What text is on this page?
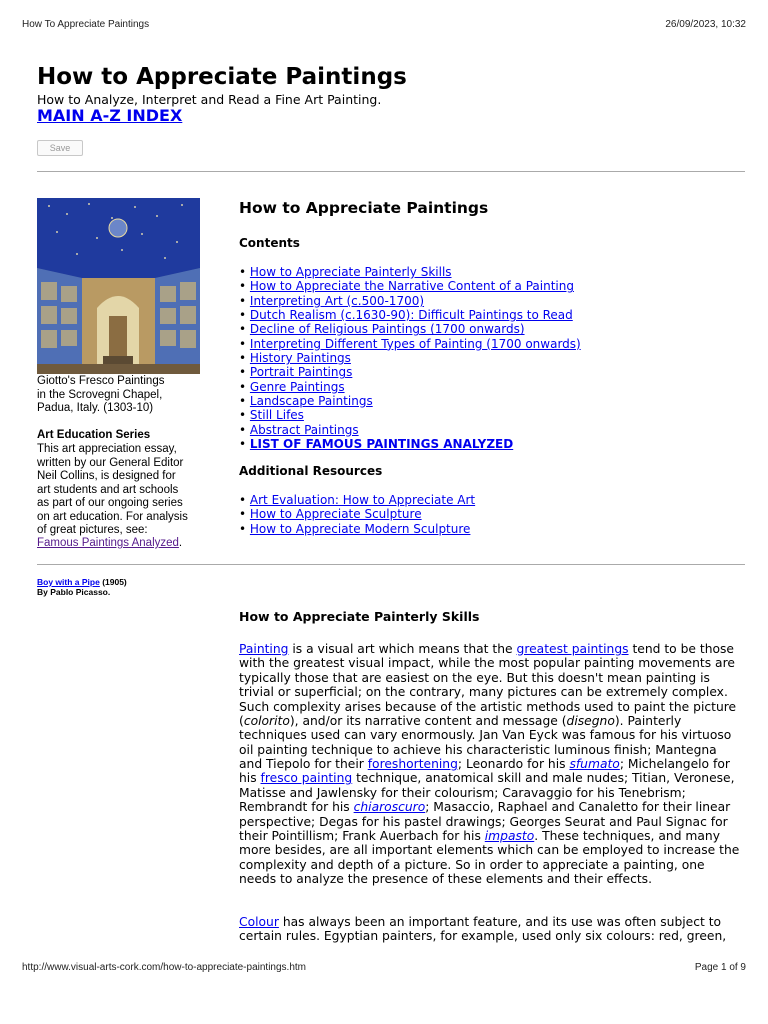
How To Appreciate Paintings	26/09/2023, 10:32
How to Appreciate Paintings
How to Analyze, Interpret and Read a Fine Art Painting.
MAIN A-Z INDEX
Save
Giotto's Fresco Paintings
in the Scrovegni Chapel,
Padua, Italy. (1303-10)
Art Education Series
This art appreciation essay,
written by our General Editor
Neil Collins, is designed for
art students and art schools
as part of our ongoing series
on art education. For analysis
of great pictures, see:
Famous Paintings Analyzed.
How to Appreciate Paintings
Contents
• How to Appreciate Painterly Skills
• How to Appreciate the Narrative Content of a Painting
• Interpreting Art (c.500-1700)
• Dutch Realism (c.1630-90): Difficult Paintings to Read
• Decline of Religious Paintings (1700 onwards)
• Interpreting Different Types of Painting (1700 onwards)
• History Paintings
• Portrait Paintings
• Genre Paintings
• Landscape Paintings
• Still Lifes
• Abstract Paintings
• LIST OF FAMOUS PAINTINGS ANALYZED
Additional Resources
• Art Evaluation: How to Appreciate Art
• How to Appreciate Sculpture
• How to Appreciate Modern Sculpture
Boy with a Pipe (1905)
By Pablo Picasso.
How to Appreciate Painterly Skills

Painting is a visual art which means that the greatest paintings tend to be those with the greatest visual impact, while the most popular painting movements are typically those that are easiest on the eye. But this doesn't mean painting is trivial or superficial; on the contrary, many pictures can be extremely complex. Such complexity arises because of the artistic methods used to paint the picture (colorito), and/or its narrative content and message (disegno). Painterly techniques used can vary enormously. Jan Van Eyck was famous for his virtuoso oil painting technique to achieve his characteristic luminous finish; Mantegna and Tiepolo for their foreshortening; Leonardo for his sfumato; Michelangelo for his fresco painting technique, anatomical skill and male nudes; Titian, Veronese, Matisse and Jawlensky for their colourism; Caravaggio for his Tenebrism; Rembrandt for his chiaroscuro; Masaccio, Raphael and Canaletto for their linear perspective; Degas for his pastel drawings; Georges Seurat and Paul Signac for their Pointillism; Frank Auerbach for his impasto. These techniques, and many more besides, are all important elements which can be employed to increase the complexity and depth of a picture. So in order to appreciate a painting, one needs to analyze the presence of these elements and their effects.

Colour has always been an important feature, and its use was often subject to certain rules. Egyptian painters, for example, used only six colours: red, green,

http://www.visual-arts-cork.com/how-to-appreciate-paintings.htm	Page 1 of 9
